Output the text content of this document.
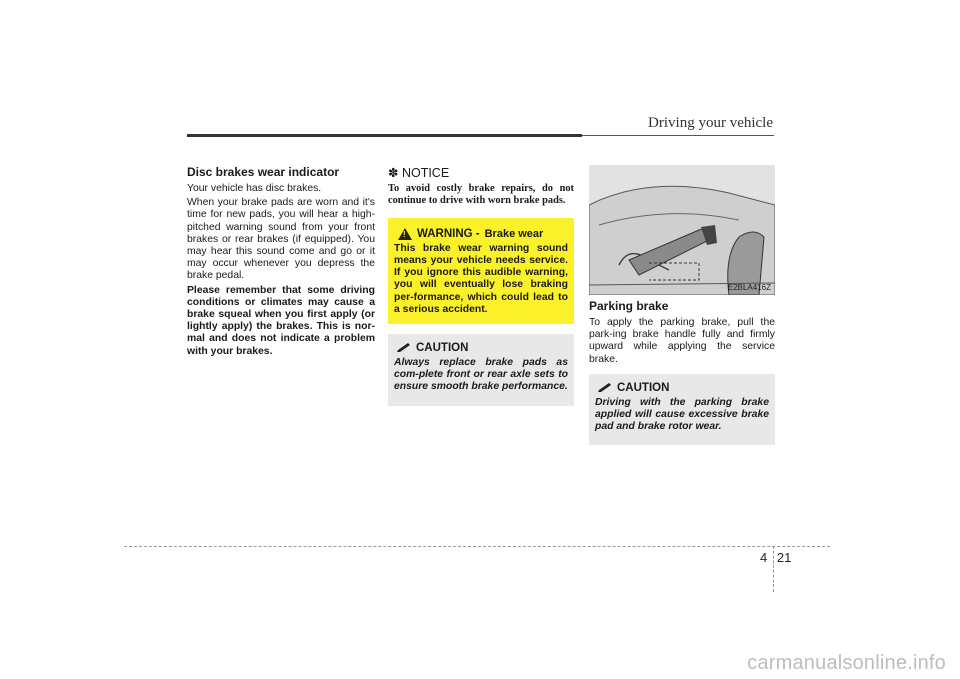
Driving your vehicle

Disc brakes wear indicator

Your vehicle has disc brakes.

When your brake pads are worn and it's time for new pads, you will hear a high-pitched warning sound from your front brakes or rear brakes (if equipped). You may hear this sound come and go or it may occur whenever you depress the brake pedal.

Please remember that some driving conditions or climates may cause a brake squeal when you first apply (or lightly apply) the brakes. This is nor-mal and does not indicate a problem with your brakes.

✽ NOTICE

To avoid costly brake repairs, do not continue to drive with worn brake pads.

!
WARNING - Brake wear

This brake wear warning sound means your vehicle needs service. If you ignore this audible warning, you will eventually lose braking per-formance, which could lead to a serious accident.

CAUTION

Always replace brake pads as com-plete front or rear axle sets to ensure smooth brake performance.

E2BLA416Z

Parking brake

To apply the parking brake, pull the park-ing brake handle fully and firmly upward while applying the service brake.

CAUTION

Driving with the parking brake applied will cause excessive brake pad and brake rotor wear.

4 21
carmanualsonline.info
